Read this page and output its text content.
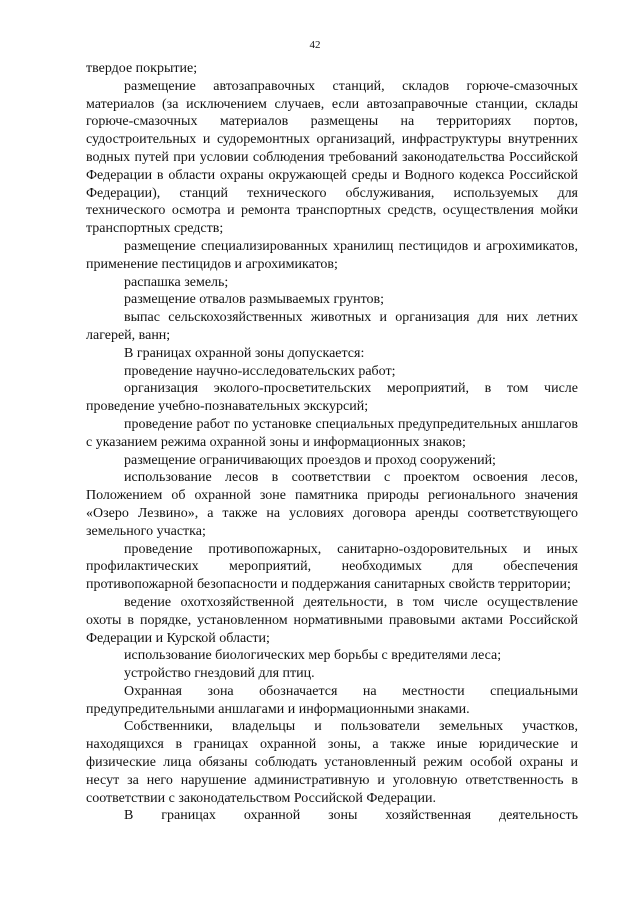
42

твердое покрытие;

размещение автозаправочных станций, складов горюче-смазочных материалов (за исключением случаев, если автозаправочные станции, склады горюче-смазочных материалов размещены на территориях портов, судостроительных и судоремонтных организаций, инфраструктуры внутренних водных путей при условии соблюдения требований законодательства Российской Федерации в области охраны окружающей среды и Водного кодекса Российской Федерации), станций технического обслуживания, используемых для технического осмотра и ремонта транспортных средств, осуществления мойки транспортных средств;

размещение специализированных хранилищ пестицидов и агрохимикатов, применение пестицидов и агрохимикатов;

распашка земель;

размещение отвалов размываемых грунтов;

выпас сельскохозяйственных животных и организация для них летних лагерей, ванн;

В границах охранной зоны допускается:

проведение научно-исследовательских работ;

организация эколого-просветительских мероприятий, в том числе проведение учебно-познавательных экскурсий;

проведение работ по установке специальных предупредительных аншлагов с указанием режима охранной зоны и информационных знаков;

размещение ограничивающих проездов и проход сооружений;

использование лесов в соответствии с проектом освоения лесов, Положением об охранной зоне памятника природы регионального значения «Озеро Лезвино», а также на условиях договора аренды соответствующего земельного участка;

проведение противопожарных, санитарно-оздоровительных и иных профилактических мероприятий, необходимых для обеспечения противопожарной безопасности и поддержания санитарных свойств территории;

ведение охотхозяйственной деятельности, в том числе осуществление охоты в порядке, установленном нормативными правовыми актами Российской Федерации и Курской области;

использование биологических мер борьбы с вредителями леса;

устройство гнездовий для птиц.

Охранная зона обозначается на местности специальными предупредительными аншлагами и информационными знаками.

Собственники, владельцы и пользователи земельных участков, находящихся в границах охранной зоны, а также иные юридические и физические лица обязаны соблюдать установленный режим особой охраны и несут за него нарушение административную и уголовную ответственность в соответствии с законодательством Российской Федерации.

В границах охранной зоны хозяйственная деятельность
